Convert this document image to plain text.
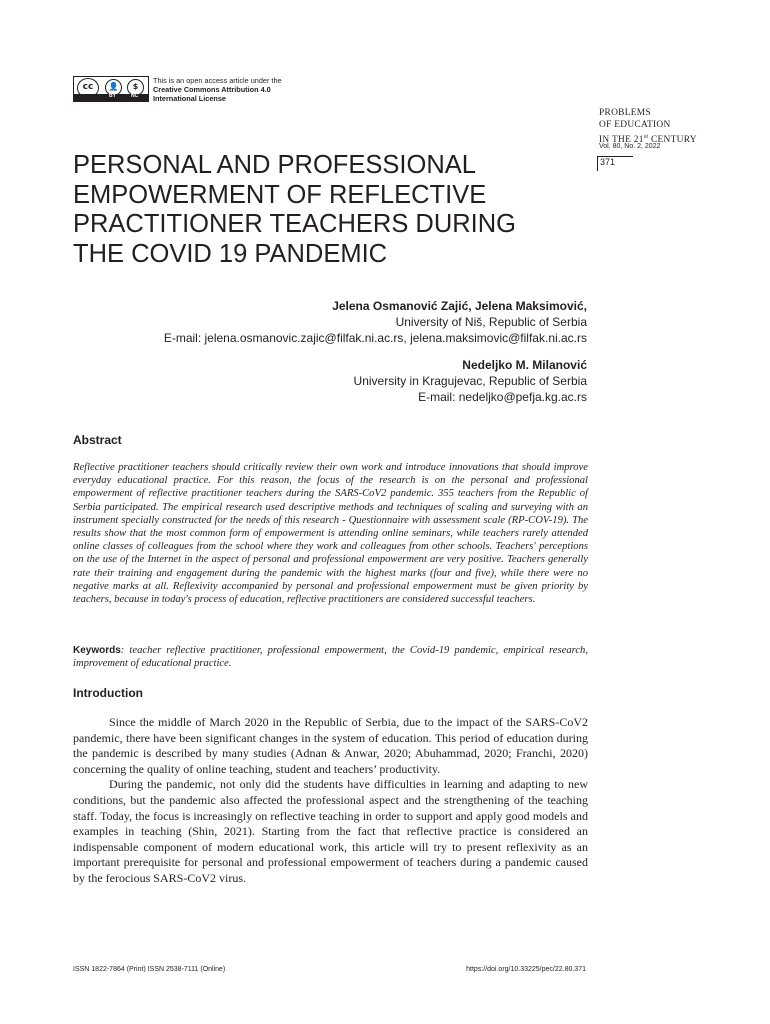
cc	👤	$
BY	NC
This is an open access article under the
Creative Commons Attribution 4.0
International License
PROBLEMS
OF EDUCATION
IN THE 21st CENTURY
Vol. 80, No. 2, 2022
371
PERSONAL AND PROFESSIONAL EMPOWERMENT OF REFLECTIVE PRACTITIONER TEACHERS DURING THE COVID 19 PANDEMIC
Jelena Osmanović Zajić, Jelena Maksimović,
University of Niš, Republic of Serbia
E-mail: jelena.osmanovic.zajic@filfak.ni.ac.rs, jelena.maksimovic@filfak.ni.ac.rs
Nedeljko M. Milanović
University in Kragujevac, Republic of Serbia
E-mail: nedeljko@pefja.kg.ac.rs
Abstract
Reflective practitioner teachers should critically review their own work and introduce innovations that should improve everyday educational practice. For this reason, the focus of the research is on the personal and professional empowerment of reflective practitioner teachers during the SARS-CoV2 pandemic. 355 teachers from the Republic of Serbia participated. The empirical research used descriptive methods and techniques of scaling and surveying with an instrument specially constructed for the needs of this research - Questionnaire with assessment scale (RP-COV-19). The results show that the most common form of empowerment is attending online seminars, while teachers rarely attended online classes of colleagues from the school where they work and colleagues from other schools. Teachers' perceptions on the use of the Internet in the aspect of personal and professional empowerment are very positive. Teachers generally rate their training and engagement during the pandemic with the highest marks (four and five), while there were no negative marks at all. Reflexivity accompanied by personal and professional empowerment must be given priority by teachers, because in today's process of education, reflective practitioners are considered successful teachers.
Keywords: teacher reflective practitioner, professional empowerment, the Covid-19 pandemic, empirical research, improvement of educational practice.
Introduction

Since the middle of March 2020 in the Republic of Serbia, due to the impact of the SARS-CoV2 pandemic, there have been significant changes in the system of education. This period of education during the pandemic is described by many studies (Adnan & Anwar, 2020; Abuhammad, 2020; Franchi, 2020) concerning the quality of online teaching, student and teachers’ productivity.

During the pandemic, not only did the students have difficulties in learning and adapting to new conditions, but the pandemic also affected the professional aspect and the strengthening of the teaching staff. Today, the focus is increasingly on reflective teaching in order to support and apply good models and examples in teaching (Shin, 2021). Starting from the fact that reflective practice is considered an indispensable component of modern educational work, this article will try to present reflexivity as an important prerequisite for personal and professional empowerment of teachers during a pandemic caused by the ferocious SARS-CoV2 virus.

ISSN 1822-7864 (Print) ISSN 2538-7111 (Online)	https://doi.org/10.33225/pec/22.80.371
